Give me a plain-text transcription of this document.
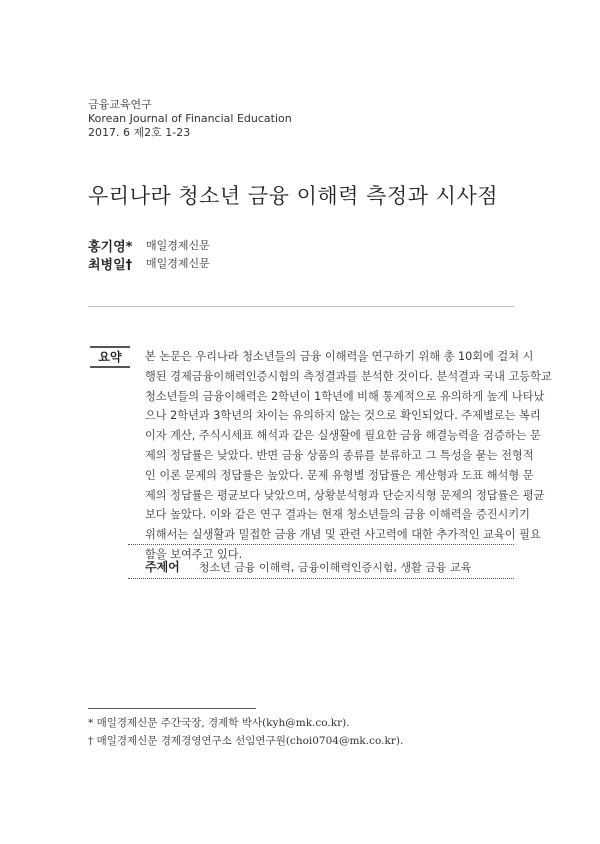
금융교육연구
Korean Journal of Financial Education
2017. 6 제2호 1-23
우리나라 청소년 금융 이해력 측정과 시사점
홍기영*	매일경제신문
최병일†	매일경제신문
요약	본 논문은 우리나라 청소년들의 금융 이해력을 연구하기 위해 총 10회에 걸쳐 시
행된 경제금융이해력인증시험의 측정결과를 분석한 것이다. 분석결과 국내 고등학교
청소년들의 금융이해력은 2학년이 1학년에 비해 통계적으로 유의하게 높게 나타났
으나 2학년과 3학년의 차이는 유의하지 않는 것으로 확인되었다. 주제별로는 복리
이자 계산, 주식시세표 해석과 같은 실생활에 필요한 금융 해결능력을 검증하는 문
제의 정답률은 낮았다. 반면 금융 상품의 종류를 분류하고 그 특성을 묻는 전형적
인 이론 문제의 정답률은 높았다. 문제 유형별 정답률은 계산형과 도표 해석형 문
제의 정답률은 평균보다 낮았으며, 상황분석형과 단순지식형 문제의 정답률은 평균
보다 높았다. 이와 같은 연구 결과는 현재 청소년들의 금융 이해력을 증진시키기
위해서는 실생활과 밀접한 금융 개념 및 관련 사고력에 대한 추가적인 교육이 필요
함을 보여주고 있다.
주제어 청소년 금융 이해력, 금융이해력인증시험, 생활 금융 교육
* 매일경제신문 주간국장, 경제학 박사(kyh@mk.co.kr).
† 매일경제신문 경제경영연구소 선임연구원(choi0704@mk.co.kr).
